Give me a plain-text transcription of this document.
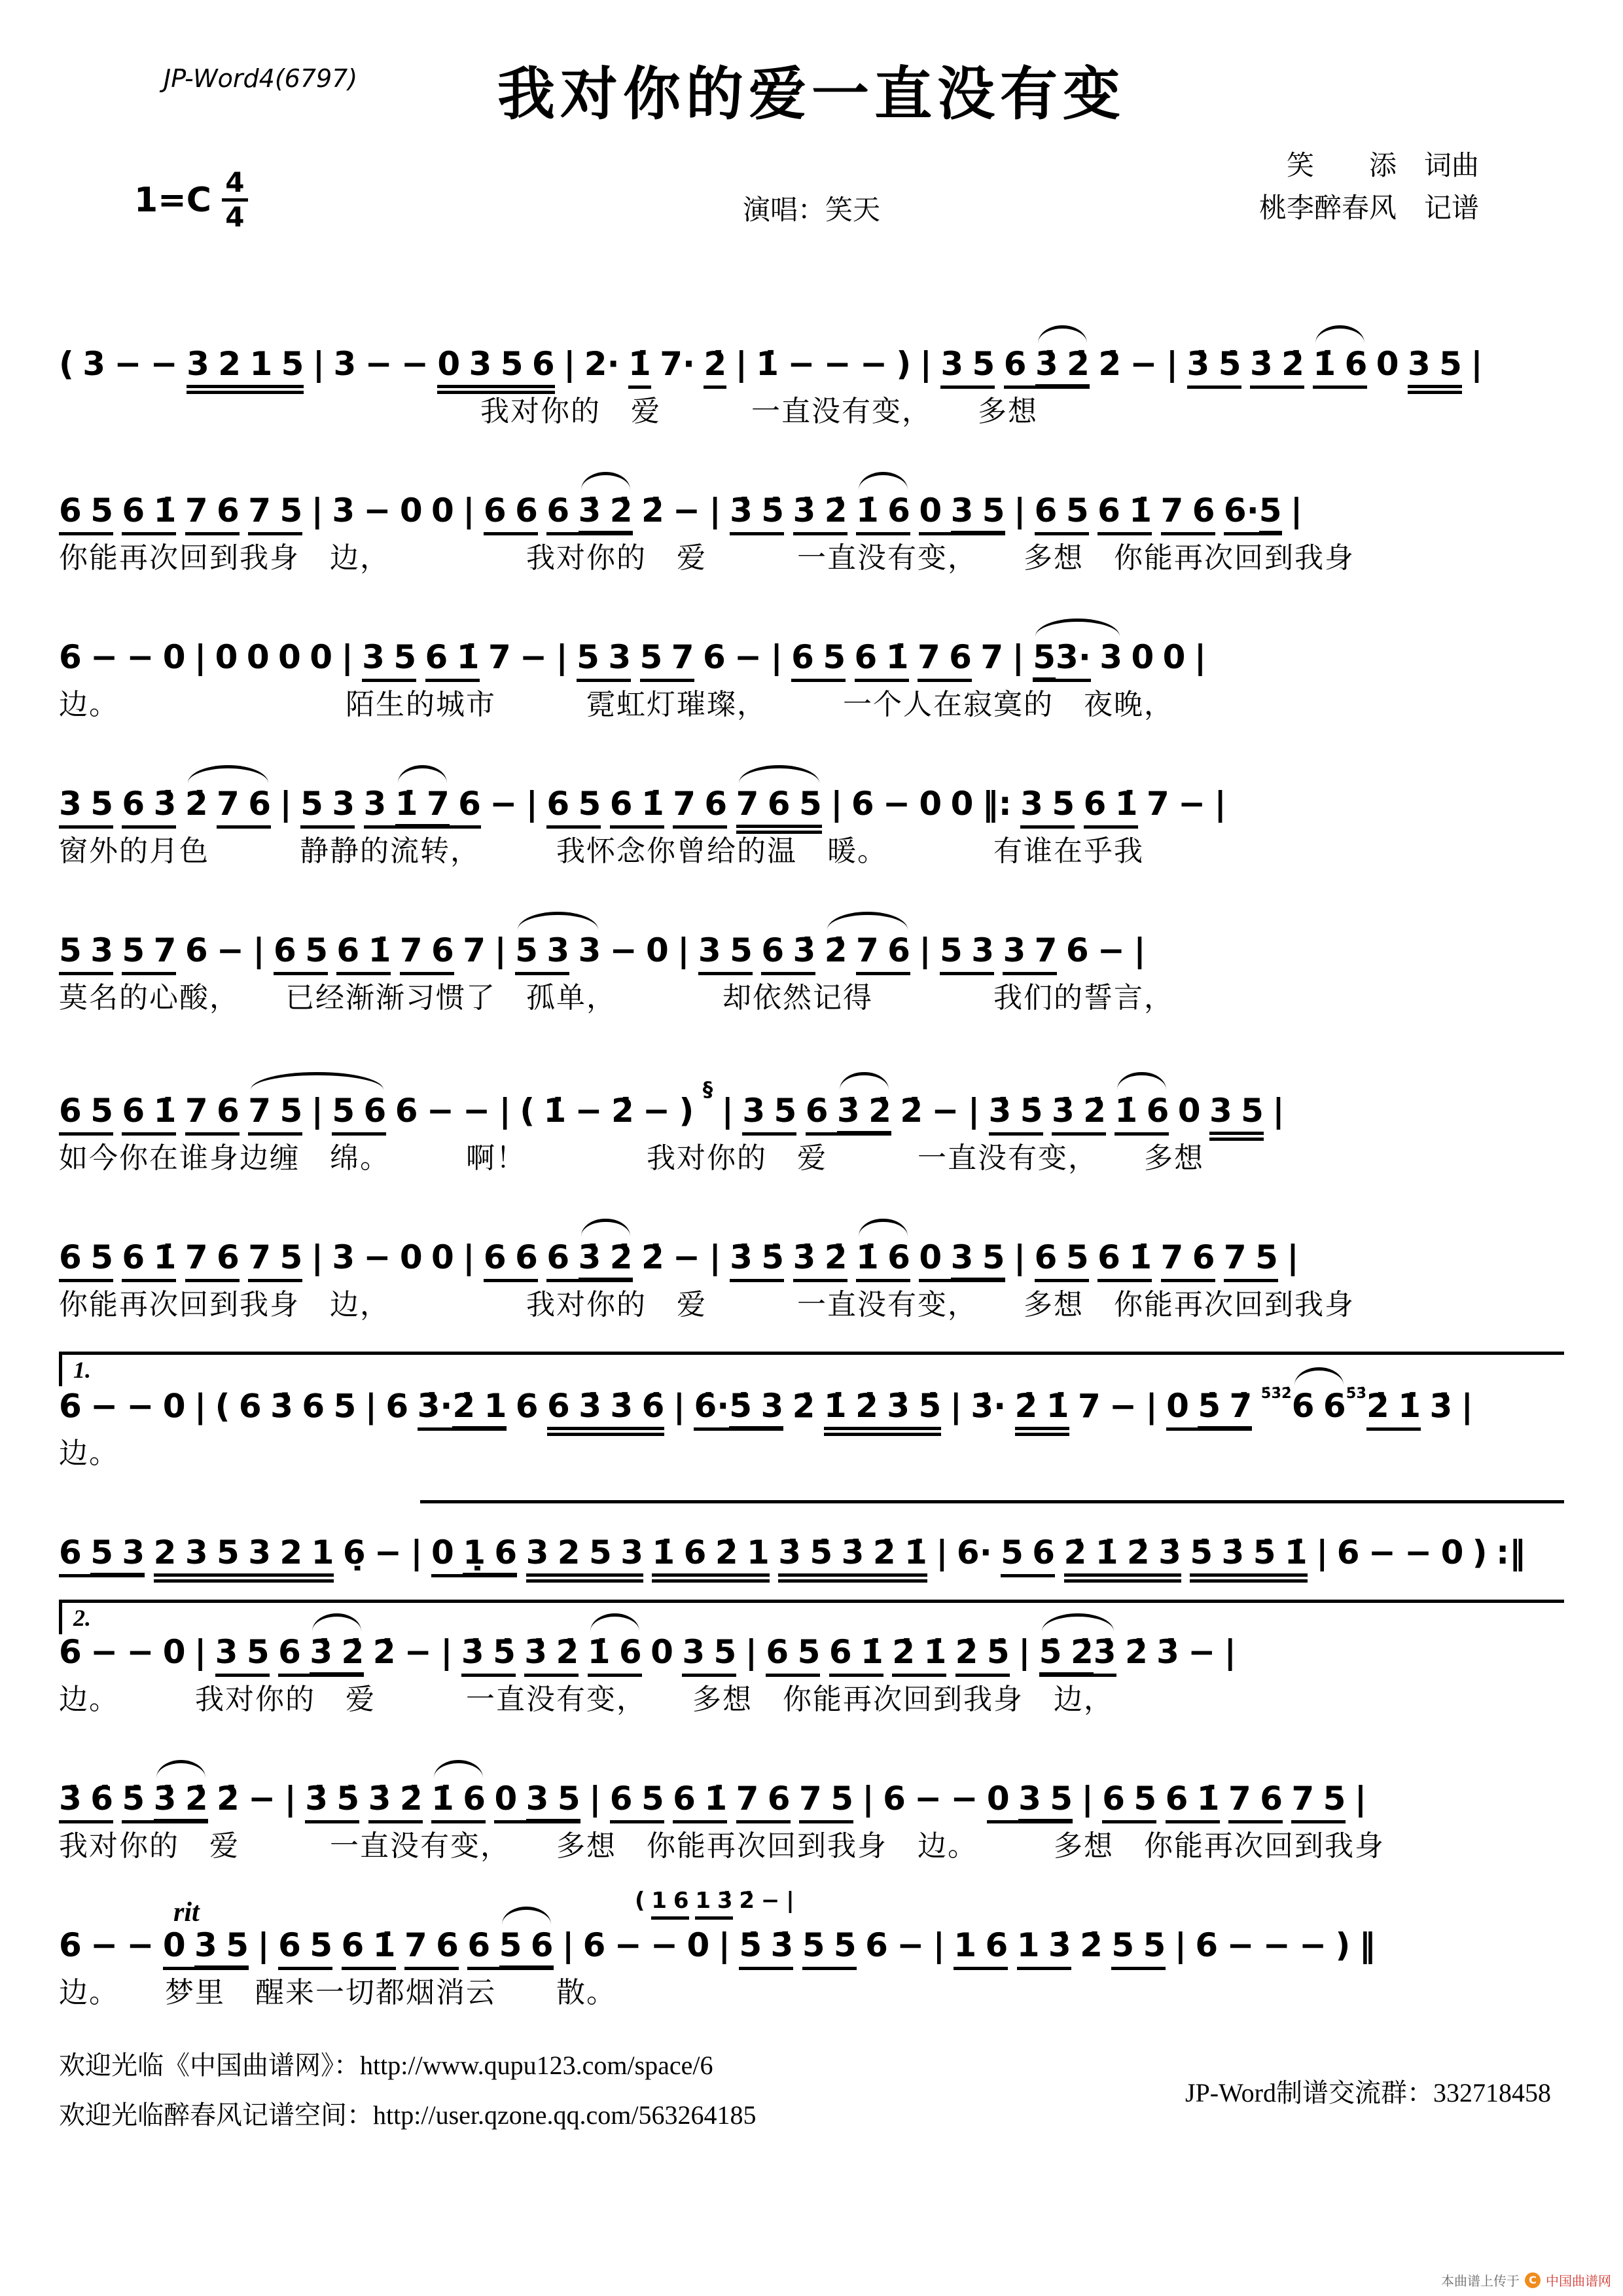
JP-Word4(6797)	我对你的爱一直没有变
笑　　添　词曲
桃李醉春风　记谱
演唱：笑天
1=C 4
4
( 3 − − 3 2 1 5 | 3 − − 0 3 5 6 | 2· 1̇ 7· 2̇ | 1̇ − − − ) | 3 5 6 3̇ 2̇ 2̇ − | 3̇ 5̇ 3̇ 2̇ 1̇ 6 0 3 5 |
　　　　　　　　　　　　　　我对你的　爱　　　一直没有变，　　多想
6 5 6 1̇ 7 6 7 5 | 3 − 0 0 | 6 6 6 3̇ 2̇ 2̇ − | 3̇ 5̇ 3̇ 2̇ 1̇ 6 0 3 5 | 6 5 6 1̇ 7 6 6·5 |
你能再次回到我身　边，　　　　　我对你的　爱　　　一直没有变，　　多想　你能再次回到我身
6 − − 0 | 0 0 0 0 | 3 5 6 1̇ 7 − | 5 3 5 7 6 − | 6 5 6 1̇ 7 6 7 | 53· 3 0 0 |
边。　　　　　　　　陌生的城市　　　霓虹灯璀璨，　　　一个人在寂寞的　夜晚，
3 5 6 3̇ 2̇ 7 6 | 5 3 3 1̇ 7 6 − | 6 5 6 1̇ 7 6 7 6 5 | 6 − 0 0 ‖: 3 5 6 1̇ 7 − |
窗外的月色　　　静静的流转，　　　我怀念你曾给的温　暖。　　　　有谁在乎我
5 3 5 7 6 − | 6 5 6 1̇ 7 6 7 | 5 3 3 − 0 | 3 5 6 3̇ 2̇ 7 6 | 5 3 3 7 6 − |
莫名的心酸，　　已经渐渐习惯了　孤单，　　　　却依然记得　　　　我们的誓言，
6 5 6 1̇ 7 6 7 5 | 5 6 6 − − | ( 1̇ − 2̇ − ) § | 3 5 6 3̇ 2̇ 2̇ − | 3̇ 5̇ 3̇ 2̇ 1̇ 6 0 3 5 |
如今你在谁身边缠　绵。　　　啊！　　　　我对你的　爱　　　一直没有变，　　多想
6 5 6 1̇ 7 6 7 5 | 3 − 0 0 | 6 6 6 3̇ 2̇ 2̇ − | 3̇ 5̇ 3̇ 2̇ 1̇ 6 0 3 5 | 6 5 6 1̇ 7 6 7 5 |
你能再次回到我身　边，　　　　　我对你的　爱　　　一直没有变，　　多想　你能再次回到我身
1.
6 − − 0 | ( 6 3̇ 6 5 | 6 3̇·2̇ 1 6 6 3̇ 3̇ 6̇ | 6̇·5̇ 3 2̇ 1̇ 2̇ 3̇ 5̇ | 3̇· 2̇ 1̇ 7 − | 0 5̇ 7̇ $^{5̇3̇2̇}$6 $6^{5̇3̇}2̇$ 1̇ 3̇ |
边。
6 5 3 2 3 5 3 2 1 6̣ − | 0 1̣ 6 3 2 5 3 1̇ 6 2̇ 1 3̇ 5̇ 3̇ 2̇ 1̇ | 6· 5 6 2̇ 1̇ 2̇ 3̇ 5̇ 3̇ 5̇ 1̇ | 6 − − 0 ) :‖
2.
6 − − 0 | 3 5 6 3̇ 2̇ 2̇ − | 3̇ 5̇ 3̇ 2̇ 1̇ 6 0 3 5 | 6 5 6 1̇ 2̇ 1̇ 2̇ 5̇ | 5̇ 2̇3̇ 2̇ 3̇ − |
边。　　　我对你的　爱　　　一直没有变，　　多想　你能再次回到我身　边，
3̇ 6̇ 5̇ 3̇ 2̇ 2̇ − | 3̇ 5̇ 3̇ 2̇ 1̇ 6 0 3 5 | 6 5 6 1̇ 7 6 7 5 | 6 − − 0 3 5 | 6 5 6 1̇ 7 6 7 5 |
我对你的　爱　　　一直没有变，　　多想　你能再次回到我身　边。　　　多想　你能再次回到我身
rit	( 1 6 1 3̇ 2̇ − |
6 − − 0 3 5 | 6 5 6 1̇ 7 6 6 5 6 | 6 − − 0 | 5̇ 3̇ 5 5 6 − | 1 6 1 3̇ 2̇ 5 5 | 6 − − − ) ‖
边。　　梦里　醒来一切都烟消云　　散。
欢迎光临《中国曲谱网》：http://www.qupu123.com/space/6
欢迎光临醉春风记谱空间：http://user.qzone.qq.com/563264185
JP-Word制谱交流群：332718458
本曲谱上传于 C 中国曲谱网
